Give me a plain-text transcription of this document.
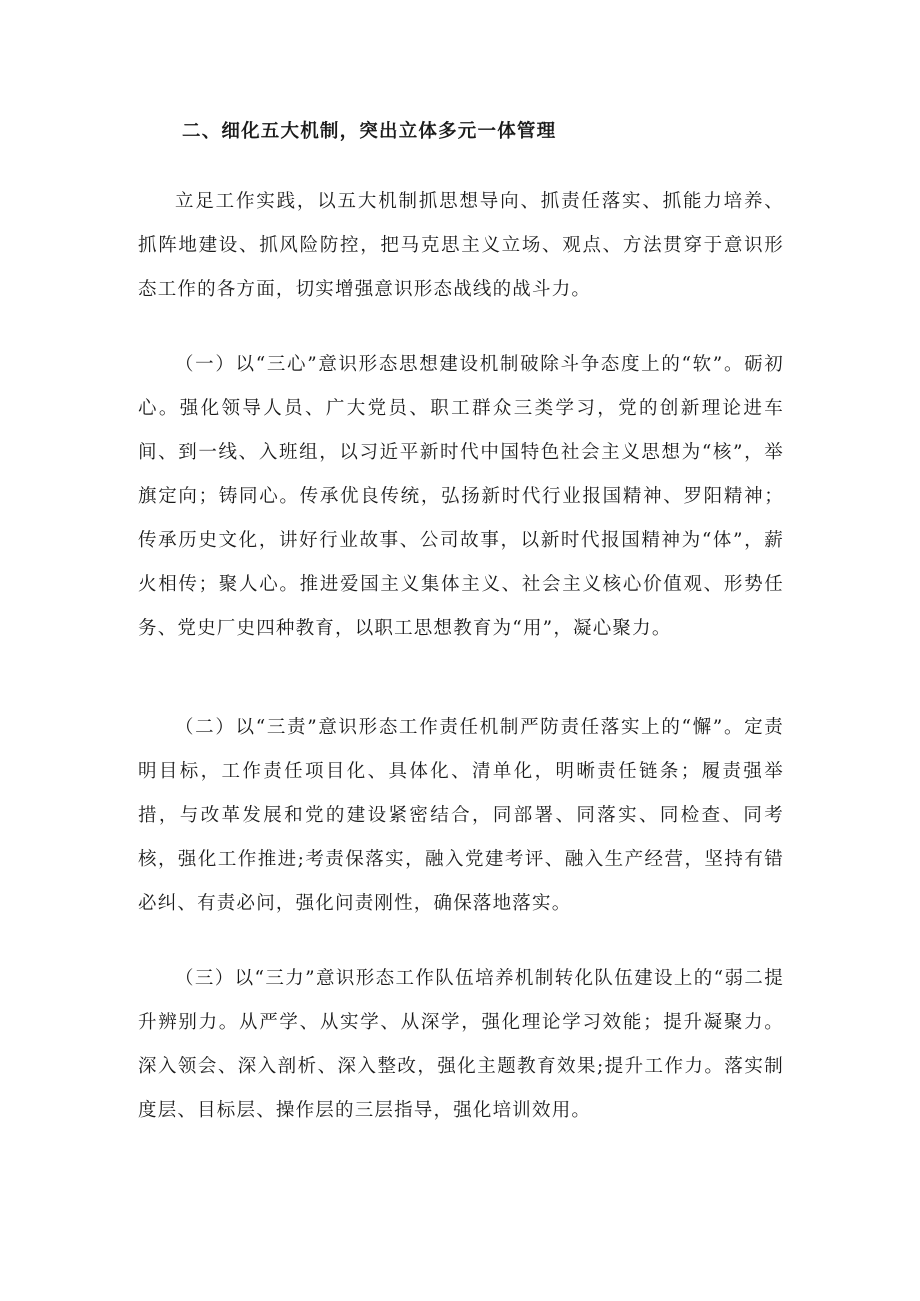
二、细化五大机制，突出立体多元一体管理

立足工作实践，以五大机制抓思想导向、抓责任落实、抓能力培养、抓阵地建设、抓风险防控，把马克思主义立场、观点、方法贯穿于意识形态工作的各方面，切实增强意识形态战线的战斗力。

（一）以“三心”意识形态思想建设机制破除斗争态度上的“软”。砺初心。强化领导人员、广大党员、职工群众三类学习，党的创新理论进车间、到一线、入班组，以习近平新时代中国特色社会主义思想为“核”，举旗定向；铸同心。传承优良传统，弘扬新时代行业报国精神、罗阳精神；传承历史文化，讲好行业故事、公司故事，以新时代报国精神为“体”，薪火相传；聚人心。推进爱国主义集体主义、社会主义核心价值观、形势任务、党史厂史四种教育，以职工思想教育为“用”，凝心聚力。

（二）以“三责”意识形态工作责任机制严防责任落实上的“懈”。定责明目标，工作责任项目化、具体化、清单化，明晰责任链条；履责强举措，与改革发展和党的建设紧密结合，同部署、同落实、同检查、同考核，强化工作推进;考责保落实，融入党建考评、融入生产经营，坚持有错必纠、有责必问，强化问责刚性，确保落地落实。

（三）以“三力”意识形态工作队伍培养机制转化队伍建设上的“弱二提升辨别力。从严学、从实学、从深学，强化理论学习效能；提升凝聚力。深入领会、深入剖析、深入整改，强化主题教育效果;提升工作力。落实制度层、目标层、操作层的三层指导，强化培训效用。
